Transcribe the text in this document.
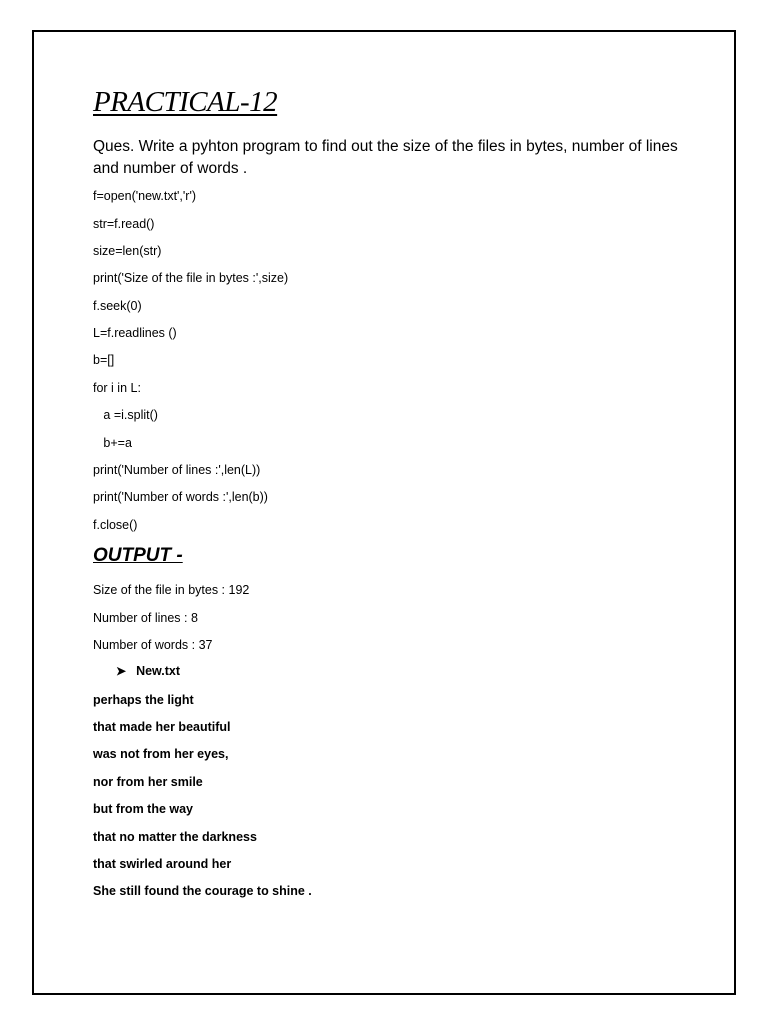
PRACTICAL-12

Ques. Write a pyhton program to find out the size of the files in bytes, number of lines and number of words .

f=open('new.txt','r')

str=f.read()

size=len(str)

print('Size of the file in bytes :',size)

f.seek(0)

L=f.readlines ()

b=[]

for i in L:

a =i.split()

b+=a

print('Number of lines :',len(L))

print('Number of words :',len(b))

f.close()

OUTPUT -

Size of the file in bytes : 192

Number of lines : 8

Number of words : 37

➤ New.txt

perhaps the light

that made her beautiful

was not from her eyes,

nor from her smile

but from the way

that no matter the darkness

that swirled around her

She still found the courage to shine .
